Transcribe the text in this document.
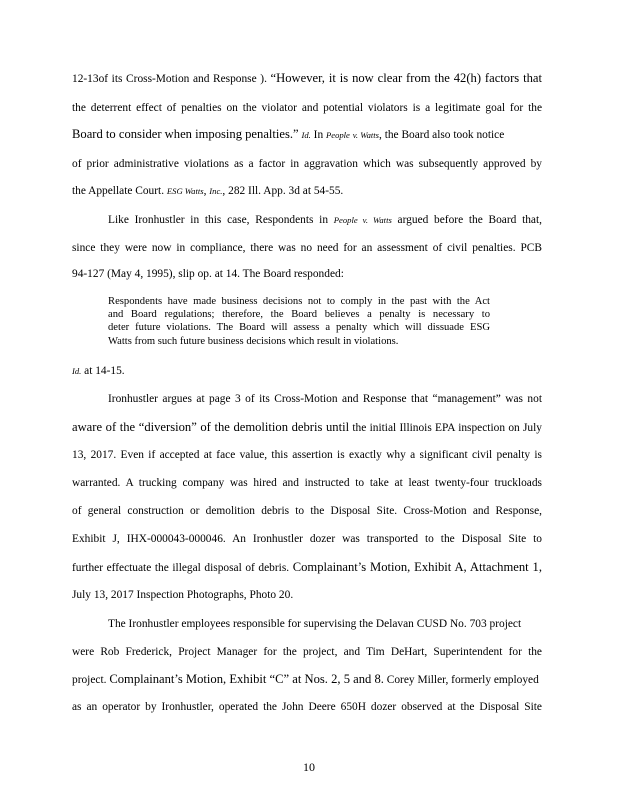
12-13of its Cross-Motion and Response ). “However, it is now clear from the 42(h) factors that
the deterrent effect of penalties on the violator and potential violators is a legitimate goal for the
Board to consider when imposing penalties.” Id. In People v. Watts, the Board also took notice
of prior administrative violations as a factor in aggravation which was subsequently approved by
the Appellate Court. ESG Watts, Inc., 282 Ill. App. 3d at 54-55.
Like Ironhustler in this case, Respondents in People v. Watts argued before the Board that,
since they were now in compliance, there was no need for an assessment of civil penalties. PCB
94-127 (May 4, 1995), slip op. at 14. The Board responded:
Respondents have made business decisions not to comply in the past with the Act
and Board regulations; therefore, the Board believes a penalty is necessary to
deter future violations. The Board will assess a penalty which will dissuade ESG
Watts from such future business decisions which result in violations.
Id. at 14-15.
Ironhustler argues at page 3 of its Cross-Motion and Response that “management” was not
aware of the “diversion” of the demolition debris until the initial Illinois EPA inspection on July
13, 2017. Even if accepted at face value, this assertion is exactly why a significant civil penalty is
warranted. A trucking company was hired and instructed to take at least twenty-four truckloads
of general construction or demolition debris to the Disposal Site. Cross-Motion and Response,
Exhibit J, IHX-000043-000046. An Ironhustler dozer was transported to the Disposal Site to
further effectuate the illegal disposal of debris. Complainant’s Motion, Exhibit A, Attachment 1,
July 13, 2017 Inspection Photographs, Photo 20.
The Ironhustler employees responsible for supervising the Delavan CUSD No. 703 project
were Rob Frederick, Project Manager for the project, and Tim DeHart, Superintendent for the
project. Complainant’s Motion, Exhibit “C” at Nos. 2, 5 and 8. Corey Miller, formerly employed
as an operator by Ironhustler, operated the John Deere 650H dozer observed at the Disposal Site
10
